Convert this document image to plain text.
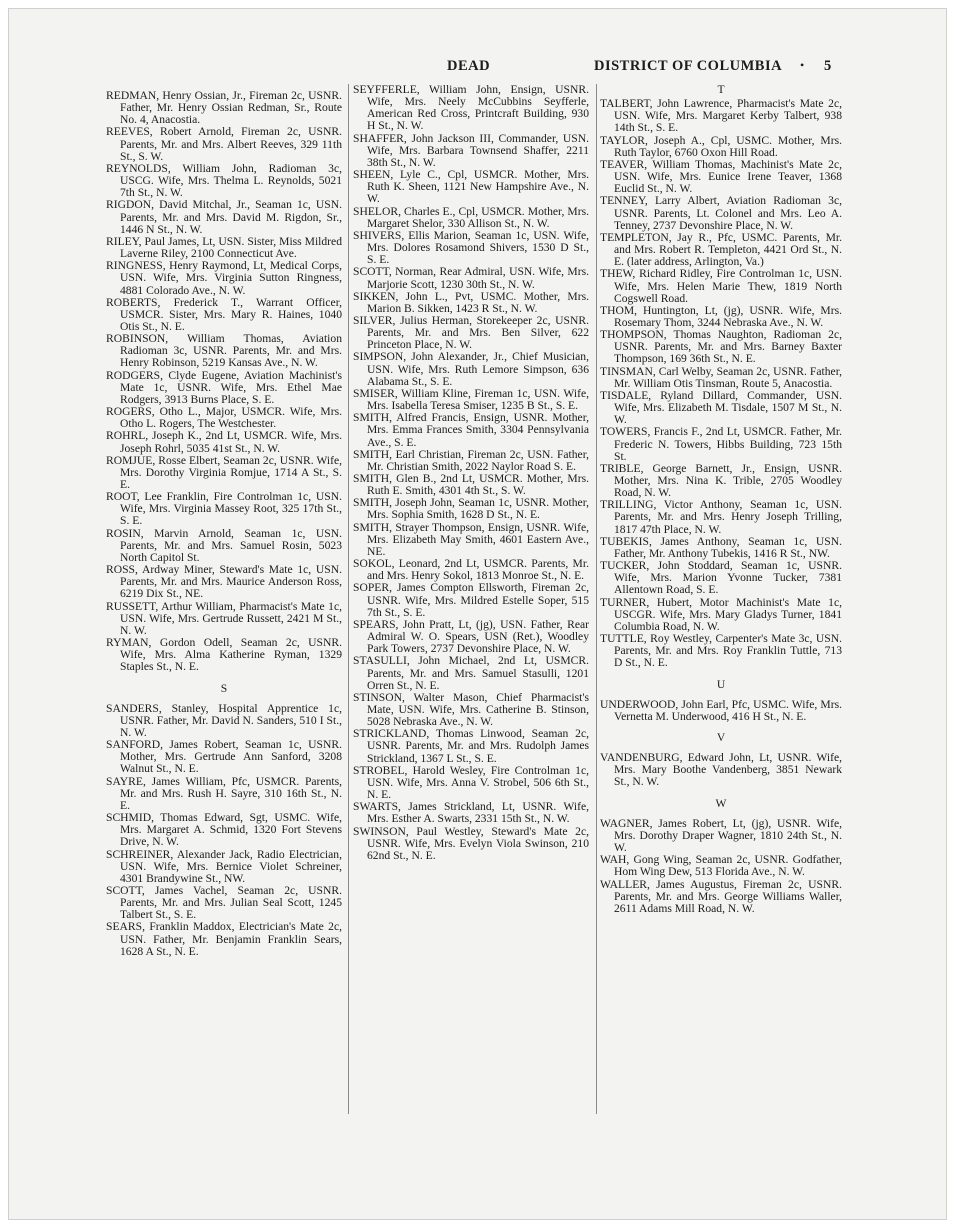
DEAD	DISTRICT OF COLUMBIA • 5

REDMAN, Henry Ossian, Jr., Fireman 2c, USNR. Father, Mr. Henry Ossian Redman, Sr., Route No. 4, Anacostia.

REEVES, Robert Arnold, Fireman 2c, USNR. Parents, Mr. and Mrs. Albert Reeves, 329 11th St., S. W.

REYNOLDS, William John, Radioman 3c, USCG. Wife, Mrs. Thelma L. Reynolds, 5021 7th St., N. W.

RIGDON, David Mitchal, Jr., Seaman 1c, USN. Parents, Mr. and Mrs. David M. Rigdon, Sr., 1446 N St., N. W.

RILEY, Paul James, Lt, USN. Sister, Miss Mildred Laverne Riley, 2100 Connecticut Ave.

RINGNESS, Henry Raymond, Lt, Medical Corps, USN. Wife, Mrs. Virginia Sutton Ringness, 4881 Colorado Ave., N. W.

ROBERTS, Frederick T., Warrant Officer, USMCR. Sister, Mrs. Mary R. Haines, 1040 Otis St., N. E.

ROBINSON, William Thomas, Aviation Radioman 3c, USNR. Parents, Mr. and Mrs. Henry Robinson, 5219 Kansas Ave., N. W.

RODGERS, Clyde Eugene, Aviation Machinist's Mate 1c, USNR. Wife, Mrs. Ethel Mae Rodgers, 3913 Burns Place, S. E.

ROGERS, Otho L., Major, USMCR. Wife, Mrs. Otho L. Rogers, The Westchester.

ROHRL, Joseph K., 2nd Lt, USMCR. Wife, Mrs. Joseph Rohrl, 5035 41st St., N. W.

ROMJUE, Rosse Elbert, Seaman 2c, USNR. Wife, Mrs. Dorothy Virginia Romjue, 1714 A St., S. E.

ROOT, Lee Franklin, Fire Controlman 1c, USN. Wife, Mrs. Virginia Massey Root, 325 17th St., S. E.

ROSIN, Marvin Arnold, Seaman 1c, USN. Parents, Mr. and Mrs. Samuel Rosin, 5023 North Capitol St.

ROSS, Ardway Miner, Steward's Mate 1c, USN. Parents, Mr. and Mrs. Maurice Anderson Ross, 6219 Dix St., NE.

RUSSETT, Arthur William, Pharmacist's Mate 1c, USN. Wife, Mrs. Gertrude Russett, 2421 M St., N. W.

RYMAN, Gordon Odell, Seaman 2c, USNR. Wife, Mrs. Alma Katherine Ryman, 1329 Staples St., N. E.

S

SANDERS, Stanley, Hospital Apprentice 1c, USNR. Father, Mr. David N. Sanders, 510 I St., N. W.

SANFORD, James Robert, Seaman 1c, USNR. Mother, Mrs. Gertrude Ann Sanford, 3208 Walnut St., N. E.

SAYRE, James William, Pfc, USMCR. Parents, Mr. and Mrs. Rush H. Sayre, 310 16th St., N. E.

SCHMID, Thomas Edward, Sgt, USMC. Wife, Mrs. Margaret A. Schmid, 1320 Fort Stevens Drive, N. W.

SCHREINER, Alexander Jack, Radio Electrician, USN. Wife, Mrs. Bernice Violet Schreiner, 4301 Brandywine St., NW.

SCOTT, James Vachel, Seaman 2c, USNR. Parents, Mr. and Mrs. Julian Seal Scott, 1245 Talbert St., S. E.

SEARS, Franklin Maddox, Electrician's Mate 2c, USN. Father, Mr. Benjamin Franklin Sears, 1628 A St., N. E.

SEYFFERLE, William John, Ensign, USNR. Wife, Mrs. Neely McCubbins Seyfferle, American Red Cross, Printcraft Building, 930 H St., N. W.

SHAFFER, John Jackson III, Commander, USN. Wife, Mrs. Barbara Townsend Shaffer, 2211 38th St., N. W.

SHEEN, Lyle C., Cpl, USMCR. Mother, Mrs. Ruth K. Sheen, 1121 New Hampshire Ave., N. W.

SHELOR, Charles E., Cpl, USMCR. Mother, Mrs. Margaret Shelor, 330 Allison St., N. W.

SHIVERS, Ellis Marion, Seaman 1c, USN. Wife, Mrs. Dolores Rosamond Shivers, 1530 D St., S. E.

SCOTT, Norman, Rear Admiral, USN. Wife, Mrs. Marjorie Scott, 1230 30th St., N. W.

SIKKEN, John L., Pvt, USMC. Mother, Mrs. Marion B. Sikken, 1423 R St., N. W.

SILVER, Julius Herman, Storekeeper 2c, USNR. Parents, Mr. and Mrs. Ben Silver, 622 Princeton Place, N. W.

SIMPSON, John Alexander, Jr., Chief Musician, USN. Wife, Mrs. Ruth Lemore Simpson, 636 Alabama St., S. E.

SMISER, William Kline, Fireman 1c, USN. Wife, Mrs. Isabella Teresa Smiser, 1235 B St., S. E.

SMITH, Alfred Francis, Ensign, USNR. Mother, Mrs. Emma Frances Smith, 3304 Pennsylvania Ave., S. E.

SMITH, Earl Christian, Fireman 2c, USN. Father, Mr. Christian Smith, 2022 Naylor Road S. E.

SMITH, Glen B., 2nd Lt, USMCR. Mother, Mrs. Ruth E. Smith, 4301 4th St., S. W.

SMITH, Joseph John, Seaman 1c, USNR. Mother, Mrs. Sophia Smith, 1628 D St., N. E.

SMITH, Strayer Thompson, Ensign, USNR. Wife, Mrs. Elizabeth May Smith, 4601 Eastern Ave., NE.

SOKOL, Leonard, 2nd Lt, USMCR. Parents, Mr. and Mrs. Henry Sokol, 1813 Monroe St., N. E.

SOPER, James Compton Ellsworth, Fireman 2c, USNR. Wife, Mrs. Mildred Estelle Soper, 515 7th St., S. E.

SPEARS, John Pratt, Lt, (jg), USN. Father, Rear Admiral W. O. Spears, USN (Ret.), Woodley Park Towers, 2737 Devonshire Place, N. W.

STASULLI, John Michael, 2nd Lt, USMCR. Parents, Mr. and Mrs. Samuel Stasulli, 1201 Orren St., N. E.

STINSON, Walter Mason, Chief Pharmacist's Mate, USN. Wife, Mrs. Catherine B. Stinson, 5028 Nebraska Ave., N. W.

STRICKLAND, Thomas Linwood, Seaman 2c, USNR. Parents, Mr. and Mrs. Rudolph James Strickland, 1367 L St., S. E.

STROBEL, Harold Wesley, Fire Controlman 1c, USN. Wife, Mrs. Anna V. Strobel, 506 6th St., N. E.

SWARTS, James Strickland, Lt, USNR. Wife, Mrs. Esther A. Swarts, 2331 15th St., N. W.

SWINSON, Paul Westley, Steward's Mate 2c, USNR. Wife, Mrs. Evelyn Viola Swinson, 210 62nd St., N. E.

T

TALBERT, John Lawrence, Pharmacist's Mate 2c, USN. Wife, Mrs. Margaret Kerby Talbert, 938 14th St., S. E.

TAYLOR, Joseph A., Cpl, USMC. Mother, Mrs. Ruth Taylor, 6760 Oxon Hill Road.

TEAVER, William Thomas, Machinist's Mate 2c, USN. Wife, Mrs. Eunice Irene Teaver, 1368 Euclid St., N. W.

TENNEY, Larry Albert, Aviation Radioman 3c, USNR. Parents, Lt. Colonel and Mrs. Leo A. Tenney, 2737 Devonshire Place, N. W.

TEMPLETON, Jay R., Pfc, USMC. Parents, Mr. and Mrs. Robert R. Templeton, 4421 Ord St., N. E. (later address, Arlington, Va.)

THEW, Richard Ridley, Fire Controlman 1c, USN. Wife, Mrs. Helen Marie Thew, 1819 North Cogswell Road.

THOM, Huntington, Lt, (jg), USNR. Wife, Mrs. Rosemary Thom, 3244 Nebraska Ave., N. W.

THOMPSON, Thomas Naughton, Radioman 2c, USNR. Parents, Mr. and Mrs. Barney Baxter Thompson, 169 36th St., N. E.

TINSMAN, Carl Welby, Seaman 2c, USNR. Father, Mr. William Otis Tinsman, Route 5, Anacostia.

TISDALE, Ryland Dillard, Commander, USN. Wife, Mrs. Elizabeth M. Tisdale, 1507 M St., N. W.

TOWERS, Francis F., 2nd Lt, USMCR. Father, Mr. Frederic N. Towers, Hibbs Building, 723 15th St.

TRIBLE, George Barnett, Jr., Ensign, USNR. Mother, Mrs. Nina K. Trible, 2705 Woodley Road, N. W.

TRILLING, Victor Anthony, Seaman 1c, USN. Parents, Mr. and Mrs. Henry Joseph Trilling, 1817 47th Place, N. W.

TUBEKIS, James Anthony, Seaman 1c, USN. Father, Mr. Anthony Tubekis, 1416 R St., NW.

TUCKER, John Stoddard, Seaman 1c, USNR. Wife, Mrs. Marion Yvonne Tucker, 7381 Allentown Road, S. E.

TURNER, Hubert, Motor Machinist's Mate 1c, USCGR. Wife, Mrs. Mary Gladys Turner, 1841 Columbia Road, N. W.

TUTTLE, Roy Westley, Carpenter's Mate 3c, USN. Parents, Mr. and Mrs. Roy Franklin Tuttle, 713 D St., N. E.

U

UNDERWOOD, John Earl, Pfc, USMC. Wife, Mrs. Vernetta M. Underwood, 416 H St., N. E.

V

VANDENBURG, Edward John, Lt, USNR. Wife, Mrs. Mary Boothe Vandenberg, 3851 Newark St., N. W.

W

WAGNER, James Robert, Lt, (jg), USNR. Wife, Mrs. Dorothy Draper Wagner, 1810 24th St., N. W.

WAH, Gong Wing, Seaman 2c, USNR. Godfather, Hom Wing Dew, 513 Florida Ave., N. W.

WALLER, James Augustus, Fireman 2c, USNR. Parents, Mr. and Mrs. George Williams Waller, 2611 Adams Mill Road, N. W.
